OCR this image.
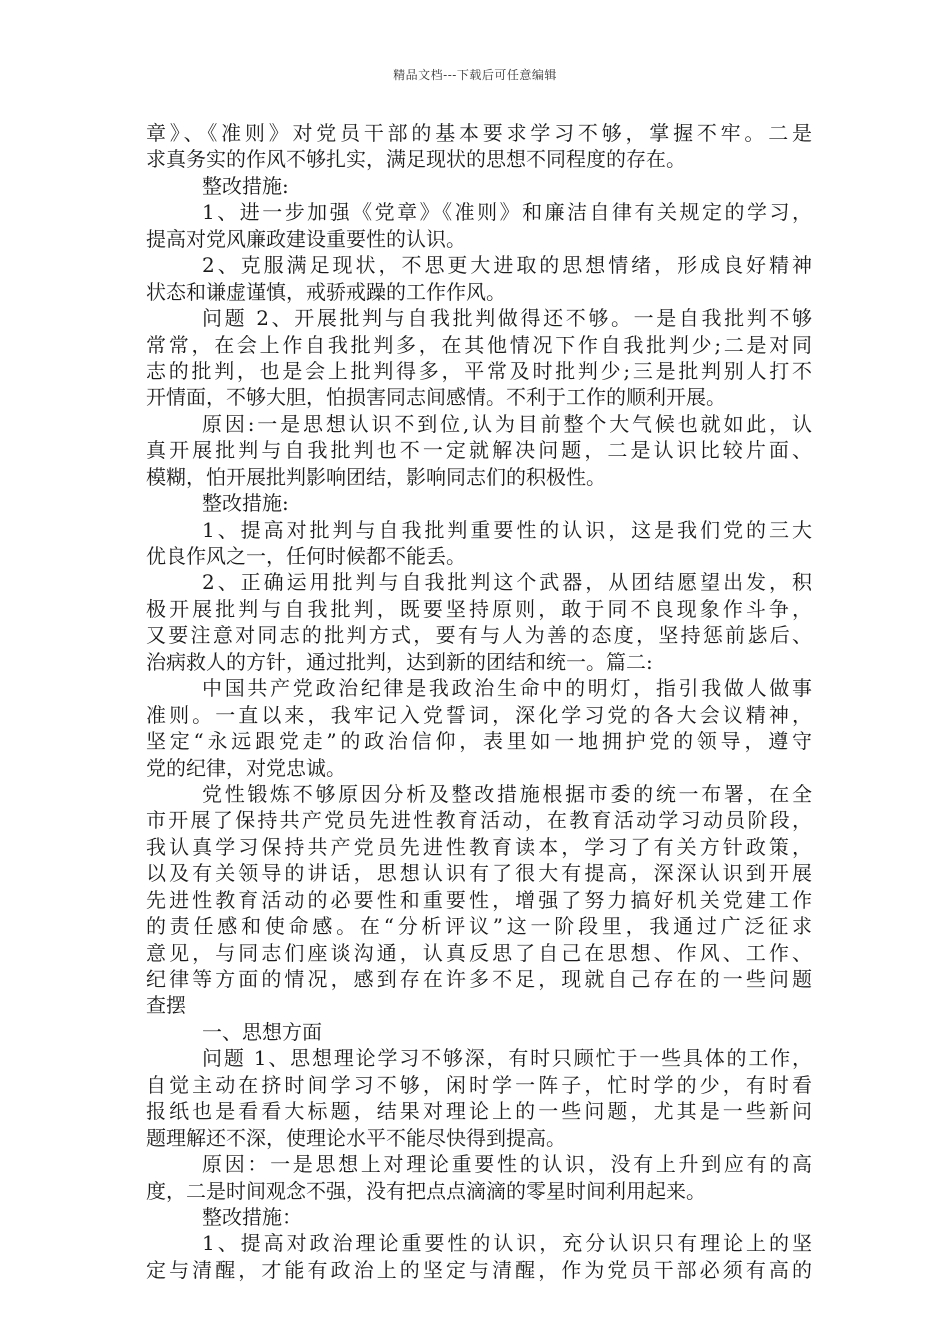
精品文档---下载后可任意编辑
章》、《准则》对党员干部的基本要求学习不够，掌握不牢。二是
求真务实的作风不够扎实，满足现状的思想不同程度的存在。
整改措施:
1、进一步加强《党章》《准则》和廉洁自律有关规定的学习，
提高对党风廉政建设重要性的认识。
2、克服满足现状，不思更大进取的思想情绪，形成良好精神
状态和谦虚谨慎，戒骄戒躁的工作作风。
问题 2、开展批判与自我批判做得还不够。一是自我批判不够
常常，在会上作自我批判多，在其他情况下作自我批判少;二是对同
志的批判，也是会上批判得多，平常及时批判少;三是批判别人打不
开情面，不够大胆，怕损害同志间感情。不利于工作的顺利开展。
原因:一是思想认识不到位,认为目前整个大气候也就如此，认
真开展批判与自我批判也不一定就解决问题，二是认识比较片面、
模糊，怕开展批判影响团结，影响同志们的积极性。
整改措施:
1、提高对批判与自我批判重要性的认识，这是我们党的三大
优良作风之一，任何时候都不能丢。
2、正确运用批判与自我批判这个武器，从团结愿望出发，积
极开展批判与自我批判，既要坚持原则，敢于同不良现象作斗争，
又要注意对同志的批判方式，要有与人为善的态度，坚持惩前毖后、
治病救人的方针，通过批判，达到新的团结和统一。篇二:
中国共产党政治纪律是我政治生命中的明灯，指引我做人做事
准则。一直以来，我牢记入党誓词，深化学习党的各大会议精神，
坚定“永远跟党走”的政治信仰，表里如一地拥护党的领导，遵守
党的纪律，对党忠诚。
党性锻炼不够原因分析及整改措施根据市委的统一布署，在全
市开展了保持共产党员先进性教育活动，在教育活动学习动员阶段，
我认真学习保持共产党员先进性教育读本，学习了有关方针政策，
以及有关领导的讲话，思想认识有了很大有提高，深深认识到开展
先进性教育活动的必要性和重要性，增强了努力搞好机关党建工作
的责任感和使命感。在“分析评议”这一阶段里，我通过广泛征求
意见，与同志们座谈沟通，认真反思了自己在思想、作风、工作、
纪律等方面的情况，感到存在许多不足，现就自己存在的一些问题
查摆
一、思想方面
问题 1、思想理论学习不够深，有时只顾忙于一些具体的工作，
自觉主动在挤时间学习不够，闲时学一阵子，忙时学的少，有时看
报纸也是看看大标题，结果对理论上的一些问题，尤其是一些新问
题理解还不深，使理论水平不能尽快得到提高。
原因：一是思想上对理论重要性的认识，没有上升到应有的高
度，二是时间观念不强，没有把点点滴滴的零星时间利用起来。
整改措施：
1、提高对政治理论重要性的认识，充分认识只有理论上的坚
定与清醒，才能有政治上的坚定与清醒，作为党员干部必须有高的
